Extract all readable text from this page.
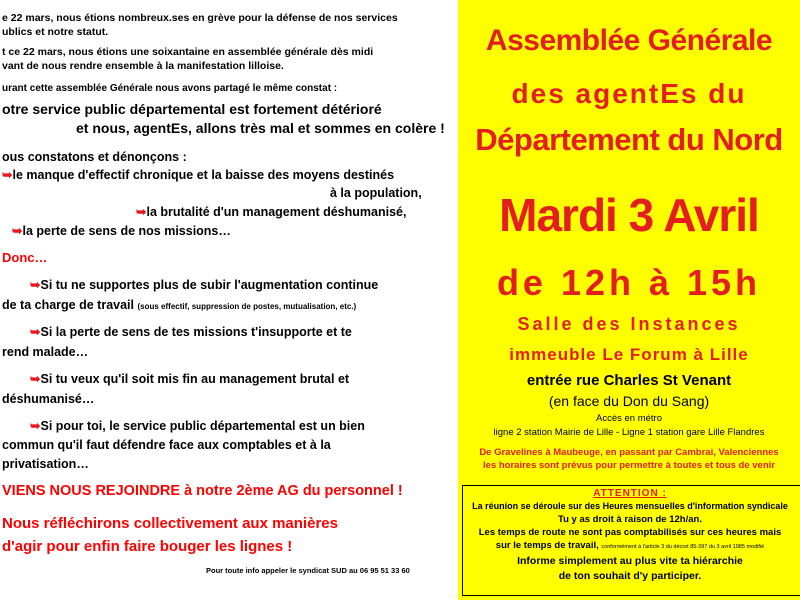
e 22 mars, nous étions nombreux.ses en grève pour la défense de nos services
ublics et notre statut.
t ce 22 mars, nous étions une soixantaine en assemblée générale dès midi
vant de nous rendre ensemble à la manifestation lilloise.
urant cette assemblée Générale nous avons partagé le même constat :
otre service public départemental est fortement détérioré
et nous, agentEs, allons très mal et sommes en colère !
ous constatons et dénonçons :
➥le manque d'effectif chronique et la baisse des moyens destinés
à la population,
➥la brutalité d'un management déshumanisé,
➥la perte de sens de nos missions…
Donc…
➥Si tu ne supportes plus de subir l'augmentation continue
de ta charge de travail (sous effectif, suppression de postes, mutualisation, etc.)
➥Si la perte de sens de tes missions t'insupporte et te
rend malade…
➥Si tu veux qu'il soit mis fin au management brutal et
déshumanisé…
➥Si pour toi, le service public départemental est un bien
commun qu'il faut défendre face aux comptables et à la
privatisation…
VIENS NOUS REJOINDRE à notre 2ème AG du personnel !
Nous réfléchirons collectivement aux manières
d'agir pour enfin faire bouger les lignes !
Pour toute info appeler le syndicat SUD au 06 95 51 33 60
Assemblée Générale
des agentEs du
Département du Nord
Mardi 3 Avril
de 12h à 15h
Salle des Instances
immeuble Le Forum à Lille
entrée rue Charles St Venant
(en face du Don du Sang)
Accès en métro
ligne 2 station Mairie de Lille - Ligne 1 station gare Lille Flandres
De Gravelines à Maubeuge, en passant par Cambrai, Valenciennes
les horaires sont prévus pour permettre à toutes et tous de venir
ATTENTION :
La réunion se déroule sur des Heures mensuelles d'information syndicale
Tu y as droit à raison de 12h/an.
Les temps de route ne sont pas comptabilisés sur ces heures mais
sur le temps de travail, conformément à l'article 3 du décret 85-397 du 3 avril 1985 modifié
Informe simplement au plus vite ta hiérarchie
de ton souhait d'y participer.
